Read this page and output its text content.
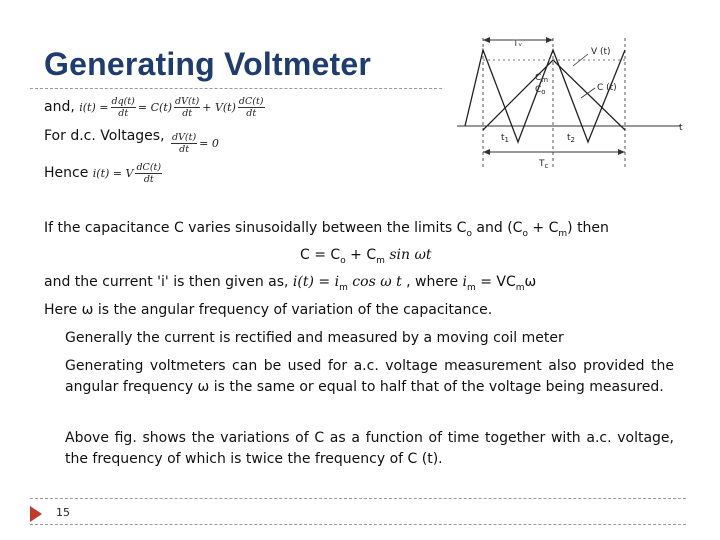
Generating Voltmeter
and, $i(t) = \frac{dq(t)}{dt} = C(t) \frac{dV(t)}{dt} + V(t) \frac{dC(t)}{dt}$
For d.c. Voltages, $\frac{dV(t)}{dt} = 0$
Hence i(t) = V $\frac{dC(t)}{dt}$
Tᵥ
V (t)
$C_m$
$C_o$	C (t)
t
$t_1$	$t_2$
$T_c$
If the capacitance C varies sinusoidally between the limits $C_o$ and $(C_o + C_m)$ then
$C = C_o + C_m$ sin ωt
and the current 'i' is then given as, $i(t) = i_m$ cos ω t , where $i_m = VC_m\omega$
Here ω is the angular frequency of variation of the capacitance.
Generally the current is rectified and measured by a moving coil meter
Generating voltmeters can be used for a.c. voltage measurement also provided the angular frequency ω is the same or equal to half that of the voltage being measured.
Above fig. shows the variations of C as a function of time together with a.c. voltage, the frequency of which is twice the frequency of C (t).
15
